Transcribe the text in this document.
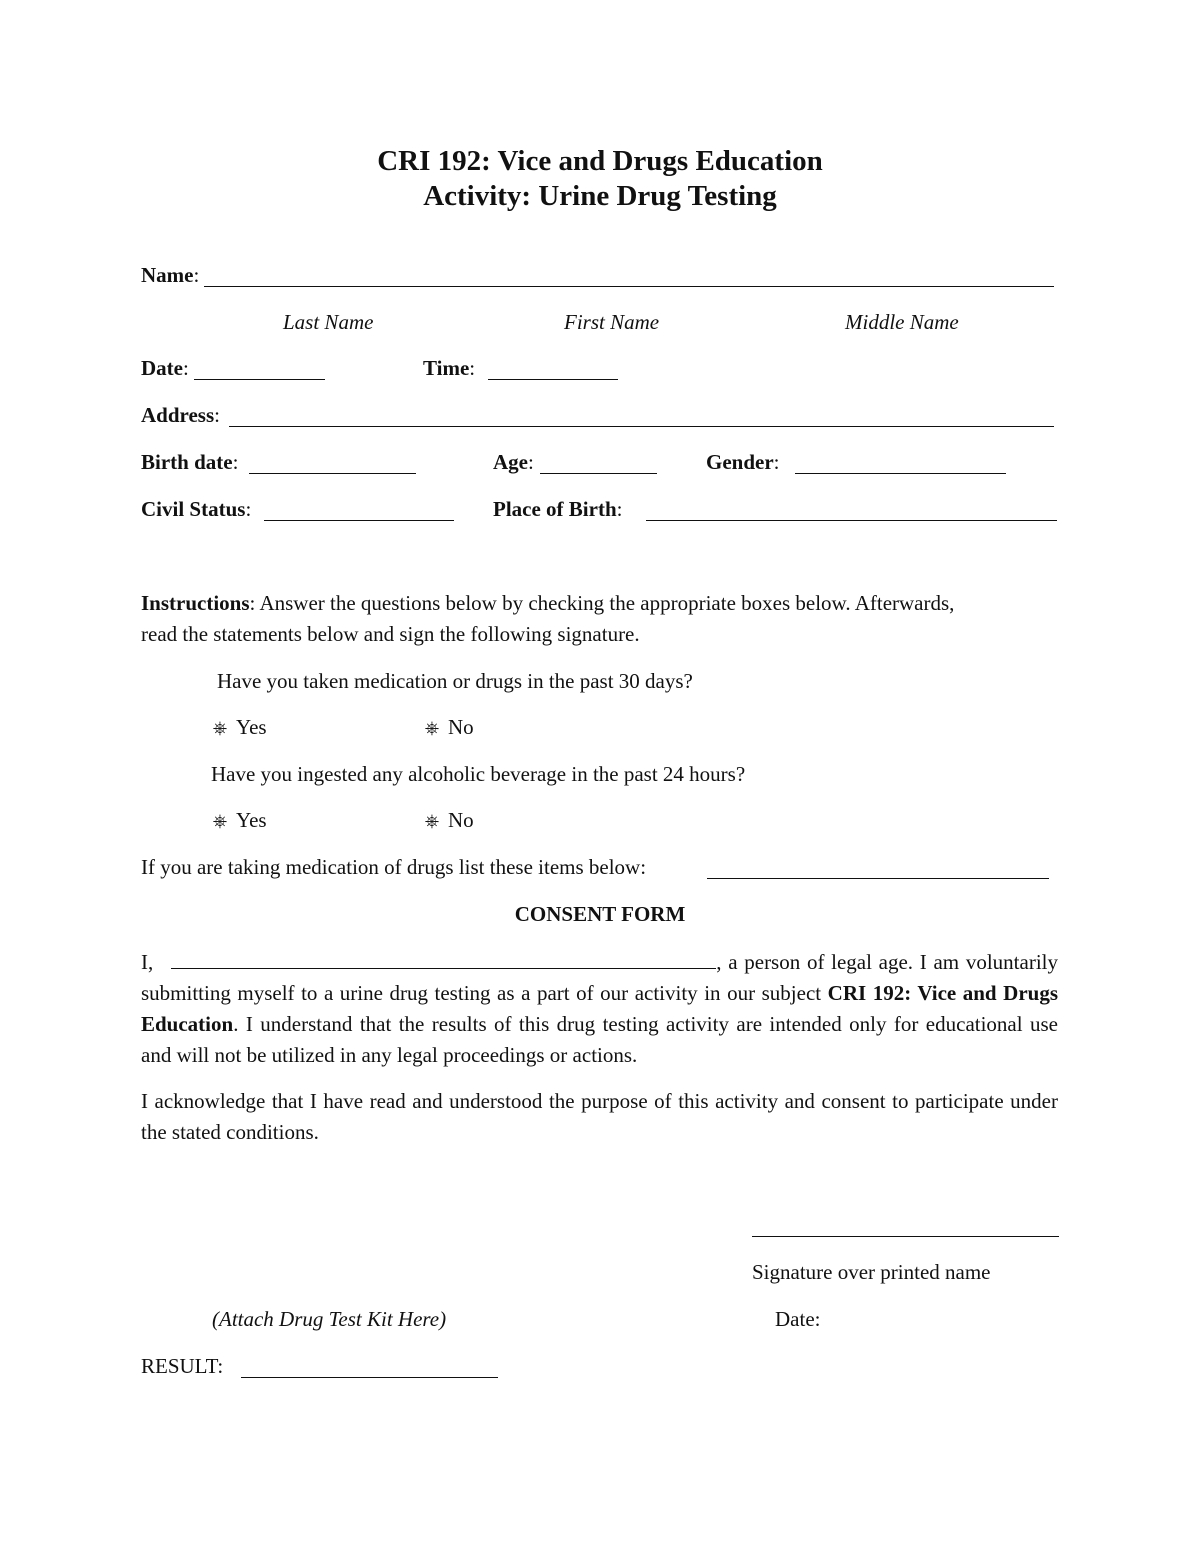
CRI 192: Vice and Drugs Education
Activity: Urine Drug Testing
Name:
Last Name	First Name	Middle Name
Date:	Time:
Address:
Birth date:	Age:	Gender:
Civil Status:	Place of Birth:
Instructions: Answer the questions below by checking the appropriate boxes below. Afterwards,
read the statements below and sign the following signature.
Have you taken medication or drugs in the past 30 days?
⎈ Yes	⎈ No
Have you ingested any alcoholic beverage in the past 24 hours?
⎈ Yes	⎈ No
If you are taking medication of drugs list these items below:
CONSENT FORM
I,	, a person of legal age. I am voluntarily submitting myself to a urine drug testing as a part of our activity in our subject CRI 192: Vice and Drugs Education. I understand that the results of this drug testing activity are intended only for educational use and will not be utilized in any legal proceedings or actions.
I acknowledge that I have read and understood the purpose of this activity and consent to participate under the stated conditions.
Signature over printed name
(Attach Drug Test Kit Here)	Date:
RESULT:
